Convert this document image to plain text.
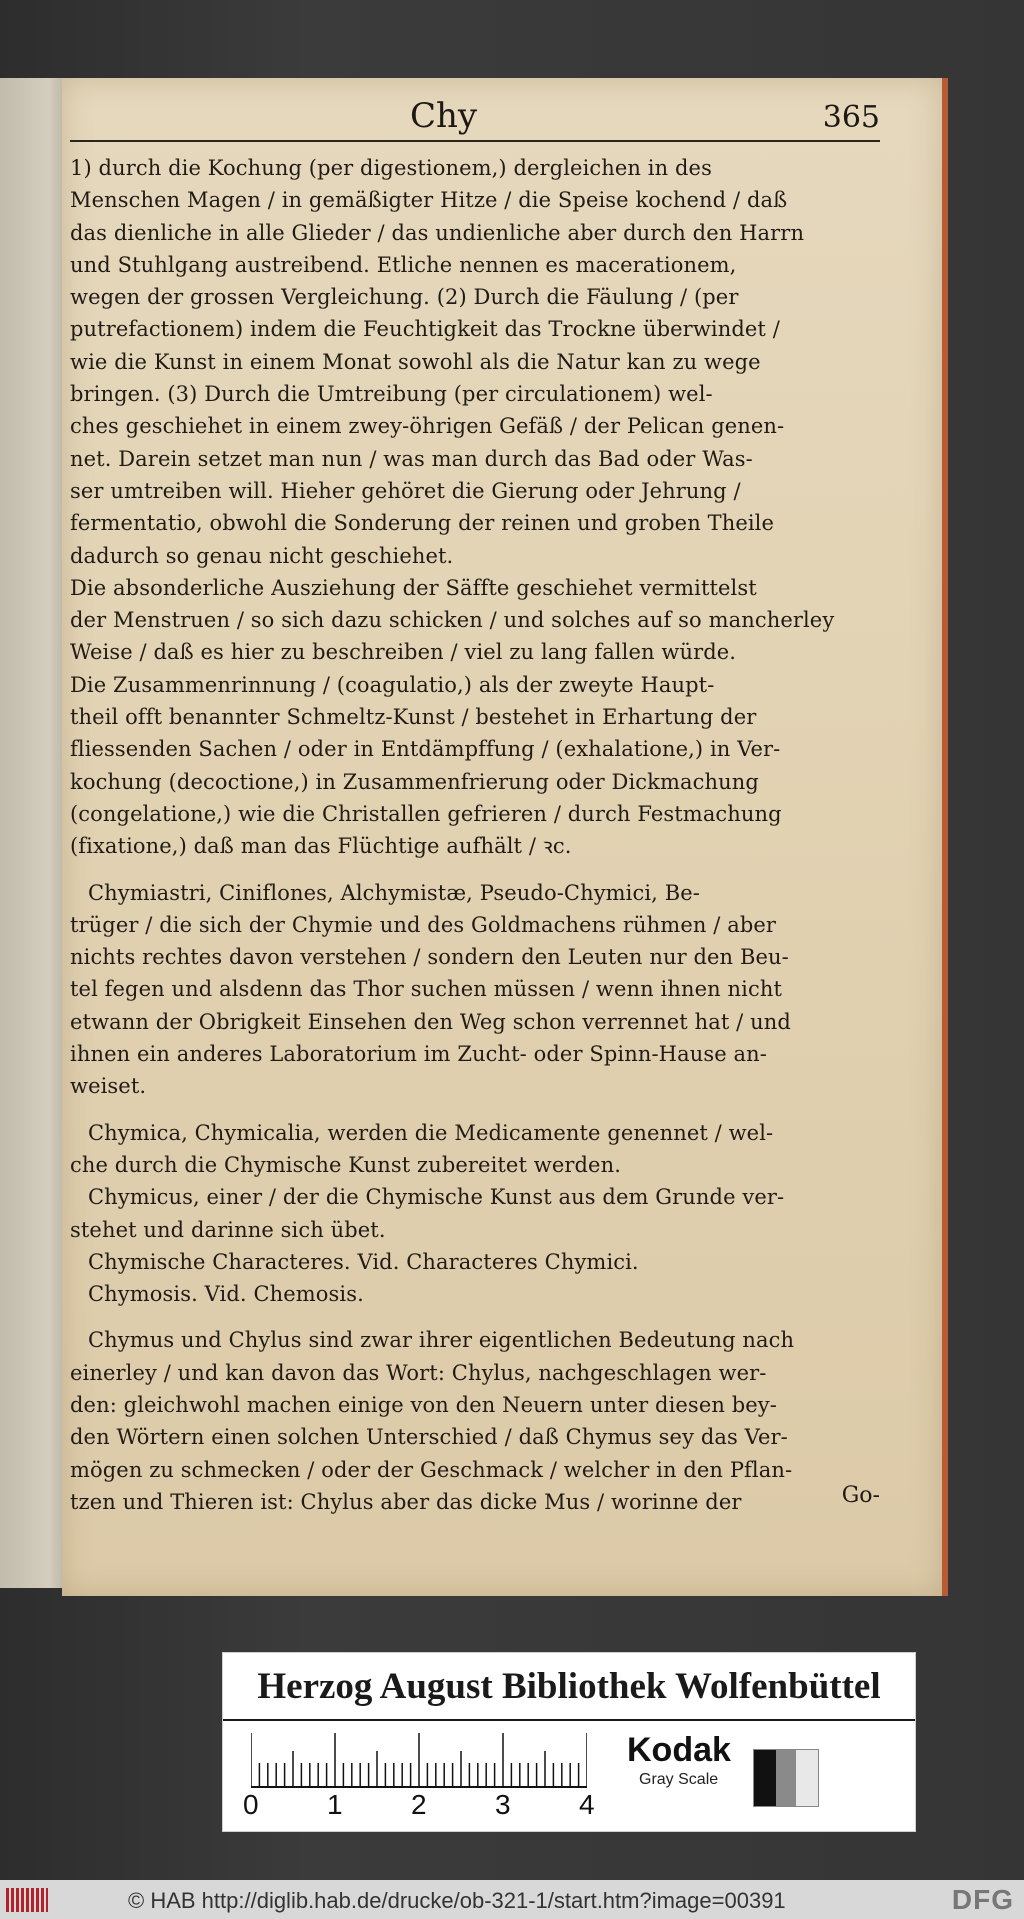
Chy	365
1) durch die Kochung (per digestionem,) dergleichen in des
Menschen Magen / in gemäßigter Hitze / die Speise kochend / daß
das dienliche in alle Glieder / das undienliche aber durch den Harrn
und Stuhlgang austreibend. Etliche nennen es macerationem,
wegen der grossen Vergleichung. (2) Durch die Fäulung / (per
putrefactionem) indem die Feuchtigkeit das Trockne überwindet /
wie die Kunst in einem Monat sowohl als die Natur kan zu wege
bringen. (3) Durch die Umtreibung (per circulationem) wel-
ches geschiehet in einem zwey-öhrigen Gefäß / der Pelican genen-
net. Darein setzet man nun / was man durch das Bad oder Was-
ser umtreiben will. Hieher gehöret die Gierung oder Jehrung /
fermentatio, obwohl die Sonderung der reinen und groben Theile
dadurch so genau nicht geschiehet.
Die absonderliche Ausziehung der Säffte geschiehet vermittelst
der Menstruen / so sich dazu schicken / und solches auf so mancherley
Weise / daß es hier zu beschreiben / viel zu lang fallen würde.
Die Zusammenrinnung / (coagulatio,) als der zweyte Haupt-
theil offt benannter Schmeltz-Kunst / bestehet in Erhartung der
fliessenden Sachen / oder in Entdämpffung / (exhalatione,) in Ver-
kochung (decoctione,) in Zusammenfrierung oder Dickmachung
(congelatione,) wie die Christallen gefrieren / durch Festmachung
(fixatione,) daß man das Flüchtige aufhält / ꝛc.
Chymiastri, Ciniflones, Alchymistæ, Pseudo-Chymici, Be-
trüger / die sich der Chymie und des Goldmachens rühmen / aber
nichts rechtes davon verstehen / sondern den Leuten nur den Beu-
tel fegen und alsdenn das Thor suchen müssen / wenn ihnen nicht
etwann der Obrigkeit Einsehen den Weg schon verrennet hat / und
ihnen ein anderes Laboratorium im Zucht- oder Spinn-Hause an-
weiset.
Chymica, Chymicalia, werden die Medicamente genennet / wel-
che durch die Chymische Kunst zubereitet werden.
Chymicus, einer / der die Chymische Kunst aus dem Grunde ver-
stehet und darinne sich übet.
Chymische Characteres. Vid. Characteres Chymici.
Chymosis. Vid. Chemosis.
Chymus und Chylus sind zwar ihrer eigentlichen Bedeutung nach
einerley / und kan davon das Wort: Chylus, nachgeschlagen wer-
den: gleichwohl machen einige von den Neuern unter diesen bey-
den Wörtern einen solchen Unterschied / daß Chymus sey das Ver-
mögen zu schmecken / oder der Geschmack / welcher in den Pflan-
tzen und Thieren ist: Chylus aber das dicke Mus / worinne der	Go-
Herzog August Bibliothek Wolfenbüttel
0 1 2 3 4
Kodak
Gray Scale
© HAB http://diglib.hab.de/drucke/ob-321-1/start.htm?image=00391	DFG
